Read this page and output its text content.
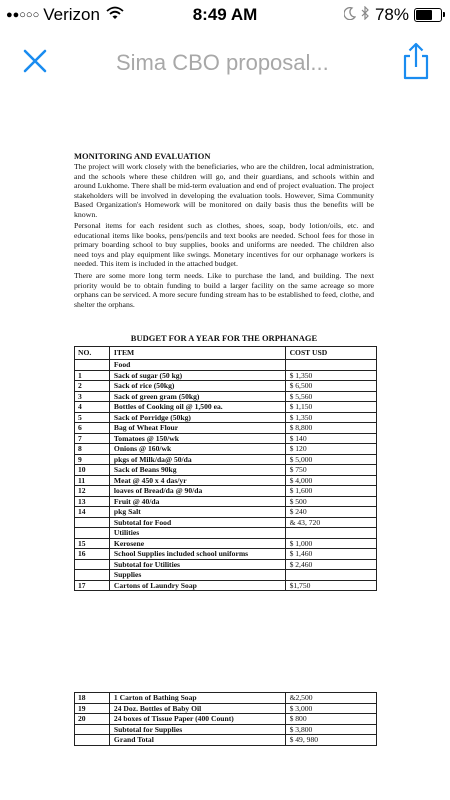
●●○○○ Verizon	8:49 AM	78%
Sima CBO proposal...
MONITORING AND EVALUATION

The project will work closely with the beneficiaries, who are the children, local administration, and the schools where these children will go, and their guardians, and schools within and around Lukhome. There shall be mid-term evaluation and end of project evaluation. The project stakeholders will be involved in developing the evaluation tools. However, Sima Community Based Organization's Homework will be monitored on daily basis thus the benefits will be known.

Personal items for each resident such as clothes, shoes, soap, body lotion/oils, etc. and educational items like books, pens/pencils and text books are needed. School fees for those in primary boarding school to buy supplies, books and uniforms are needed. The children also need toys and play equipment like swings. Monetary incentives for our orphanage workers is needed. This item is included in the attached budget.

There are some more long term needs. Like to purchase the land, and building. The next priority would be to obtain funding to build a larger facility on the same acreage so more orphans can be serviced. A more secure funding stream has to be established to feed, clothe, and shelter the orphans.

BUDGET FOR A YEAR FOR THE ORPHANAGE
NO.	ITEM	COST USD
	Food	
1	Sack of sugar (50 kg)	$ 1,350
2	Sack of rice (50kg)	$ 6,500
3	Sack of green gram (50kg)	$ 5,560
4	Bottles of Cooking oil @ 1,500 ea.	$ 1,150
5	Sack of Porridge (50kg)	$ 1,350
6	Bag of Wheat Flour	$ 8,800
7	Tomatoes @ 150/wk	$ 140
8	Onions @ 160/wk	$ 120
9	pkgs of Milk/da@ 50/da	$ 5,000
10	Sack of Beans 90kg	$ 750
11	Meat @ 450 x 4 das/yr	$ 4,000
12	loaves of Bread/da @ 90/da	$ 1,600
13	Fruit @ 40/da	$ 500
14	pkg Salt	$ 240
	Subtotal for Food	& 43, 720
	Utilities	
15	Kerosene	$ 1,000
16	School Supplies included school uniforms	$ 1,460
	Subtotal for Utilities	$ 2,460
	Supplies	
17	Cartons of Laundry Soap	$1,750
18	1 Carton of Bathing Soap	&2,500
19	24 Doz. Bottles of Baby Oil	$ 3,000
20	24 boxes of Tissue Paper (400 Count)	$ 800
	Subtotal for Supplies	$ 3,800
	Grand Total	$ 49, 980
